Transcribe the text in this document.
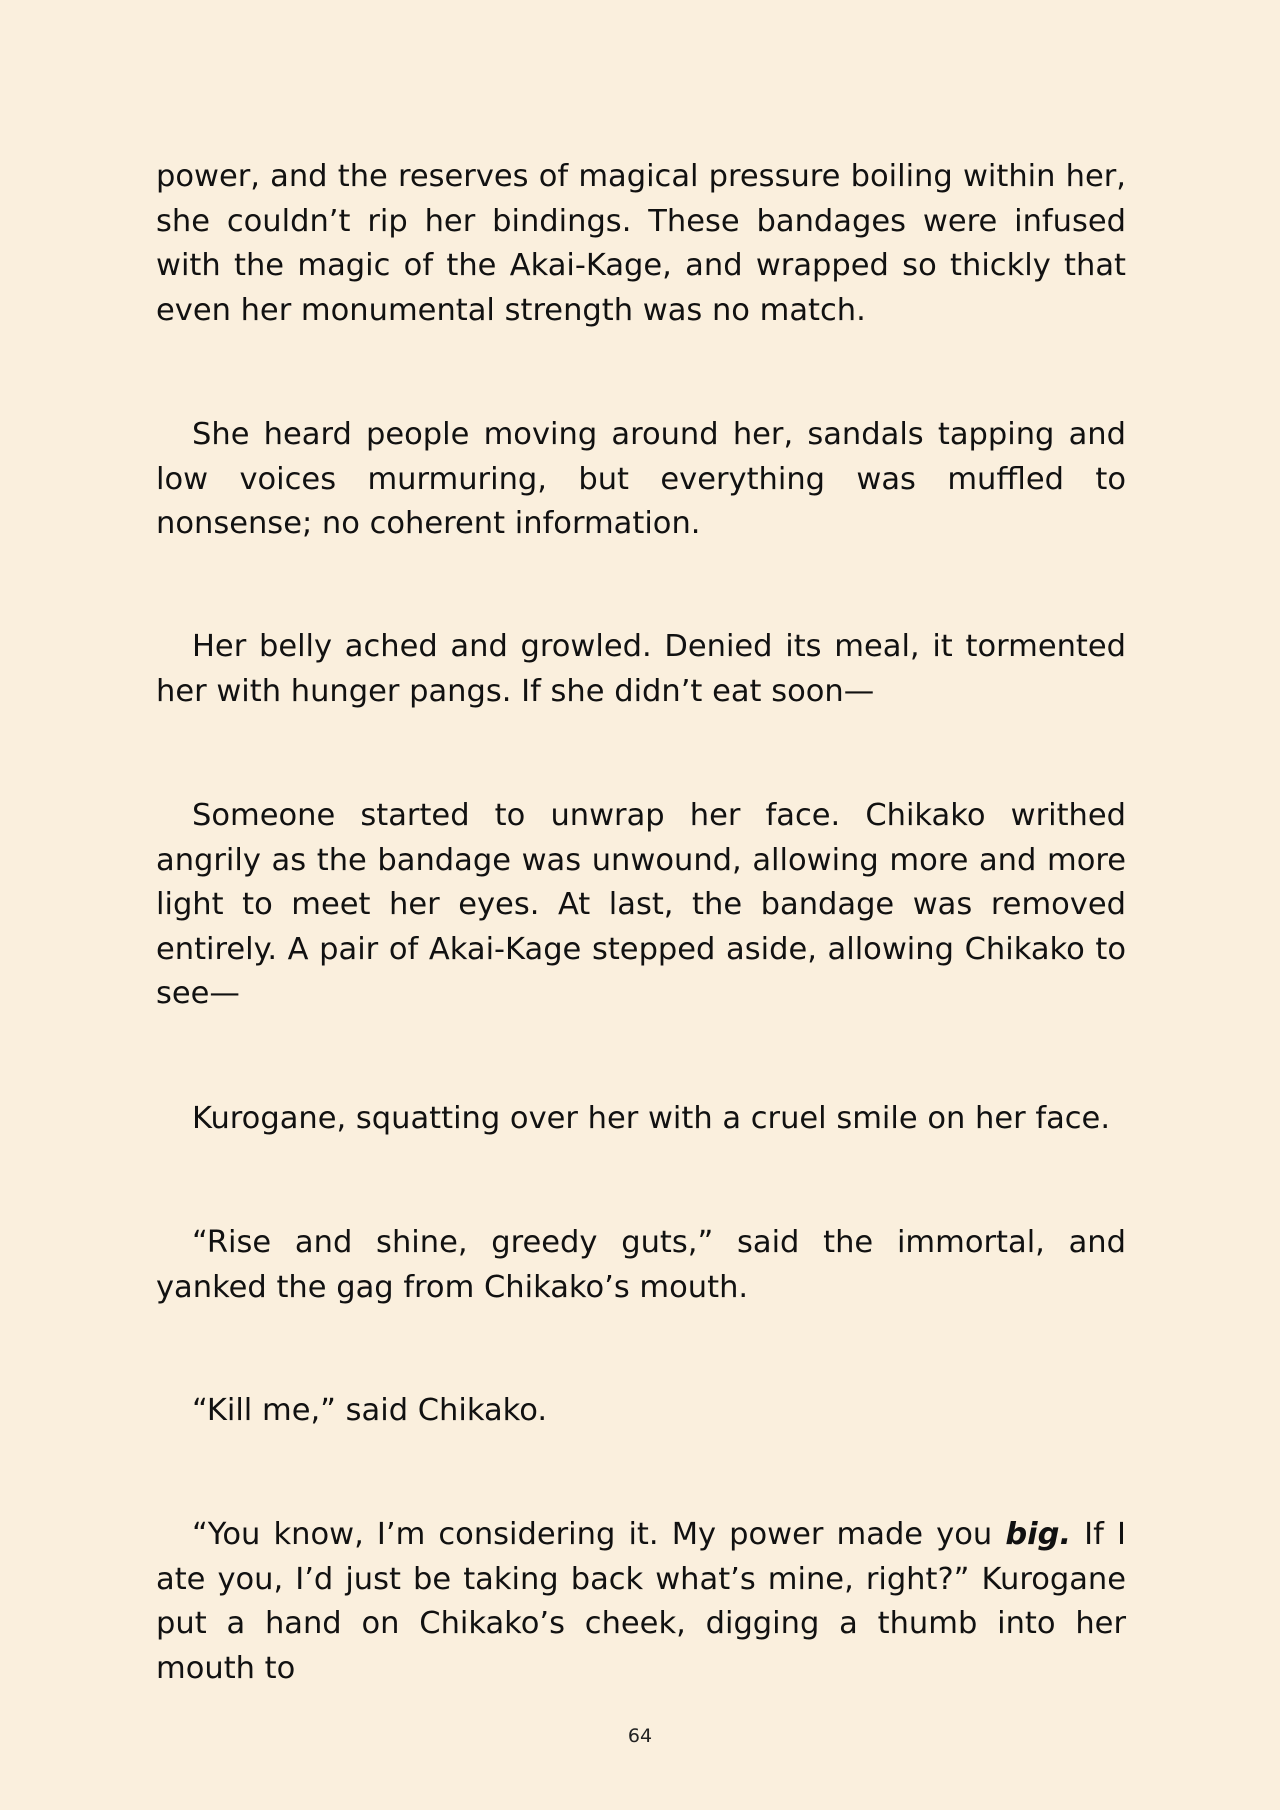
power, and the reserves of magical pressure boiling within her, she couldn’t rip her bindings. These bandages were infused with the magic of the Akai-Kage, and wrapped so thickly that even her monumental strength was no match.

She heard people moving around her, sandals tapping and low voices murmuring, but everything was muffled to nonsense; no coherent information.

Her belly ached and growled. Denied its meal, it tormented her with hunger pangs. If she didn’t eat soon—

Someone started to unwrap her face. Chikako writhed angrily as the bandage was unwound, allowing more and more light to meet her eyes. At last, the bandage was removed entirely. A pair of Akai-Kage stepped aside, allowing Chikako to see—

Kurogane, squatting over her with a cruel smile on her face.

“Rise and shine, greedy guts,” said the immortal, and yanked the gag from Chikako’s mouth.

“Kill me,” said Chikako.

“You know, I’m considering it. My power made you big. If I ate you, I’d just be taking back what’s mine, right?” Kurogane put a hand on Chikako’s cheek, digging a thumb into her mouth to

64
